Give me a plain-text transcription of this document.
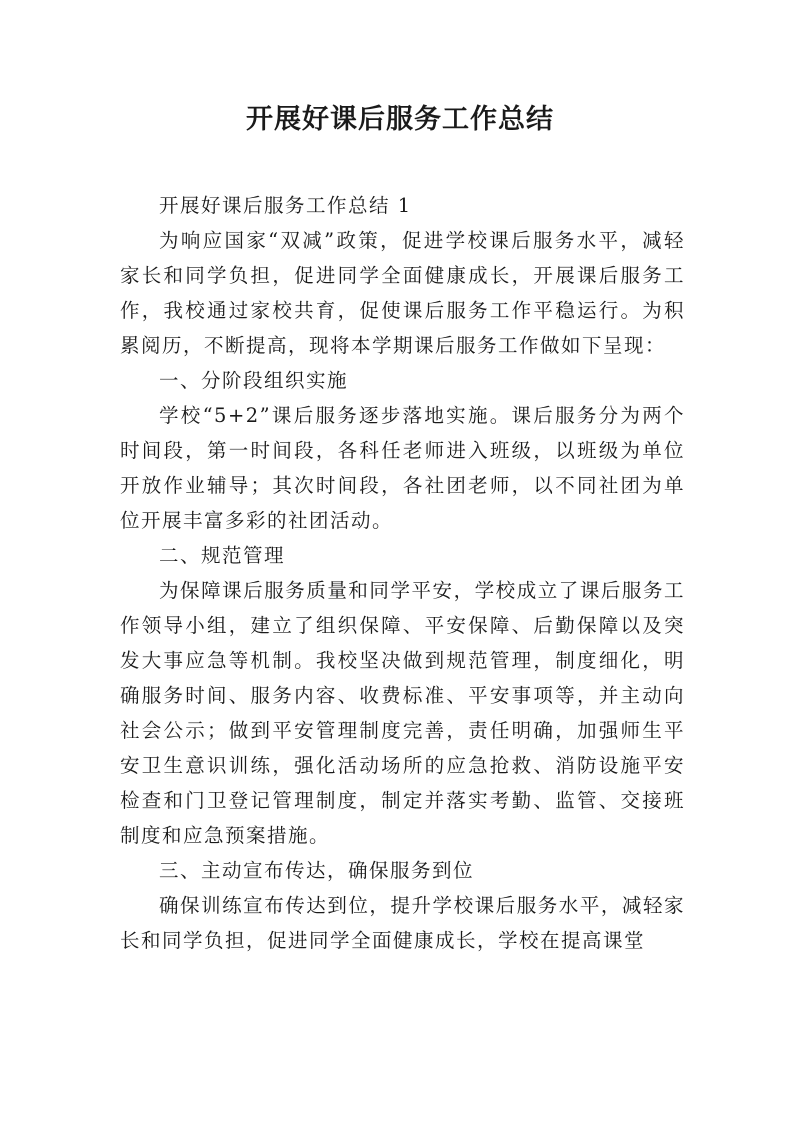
开展好课后服务工作总结

开展好课后服务工作总结 1

为响应国家“双减”政策，促进学校课后服务水平，减轻家长和同学负担，促进同学全面健康成长，开展课后服务工作，我校通过家校共育，促使课后服务工作平稳运行。为积累阅历，不断提高，现将本学期课后服务工作做如下呈现：

一、分阶段组织实施

学校“5+2”课后服务逐步落地实施。课后服务分为两个时间段，第一时间段，各科任老师进入班级，以班级为单位开放作业辅导；其次时间段，各社团老师，以不同社团为单位开展丰富多彩的社团活动。

二、规范管理

为保障课后服务质量和同学平安，学校成立了课后服务工作领导小组，建立了组织保障、平安保障、后勤保障以及突发大事应急等机制。我校坚决做到规范管理，制度细化，明确服务时间、服务内容、收费标准、平安事项等，并主动向社会公示；做到平安管理制度完善，责任明确，加强师生平安卫生意识训练，强化活动场所的应急抢救、消防设施平安检查和门卫登记管理制度，制定并落实考勤、监管、交接班制度和应急预案措施。

三、主动宣布传达，确保服务到位

确保训练宣布传达到位，提升学校课后服务水平，减轻家长和同学负担，促进同学全面健康成长，学校在提高课堂
